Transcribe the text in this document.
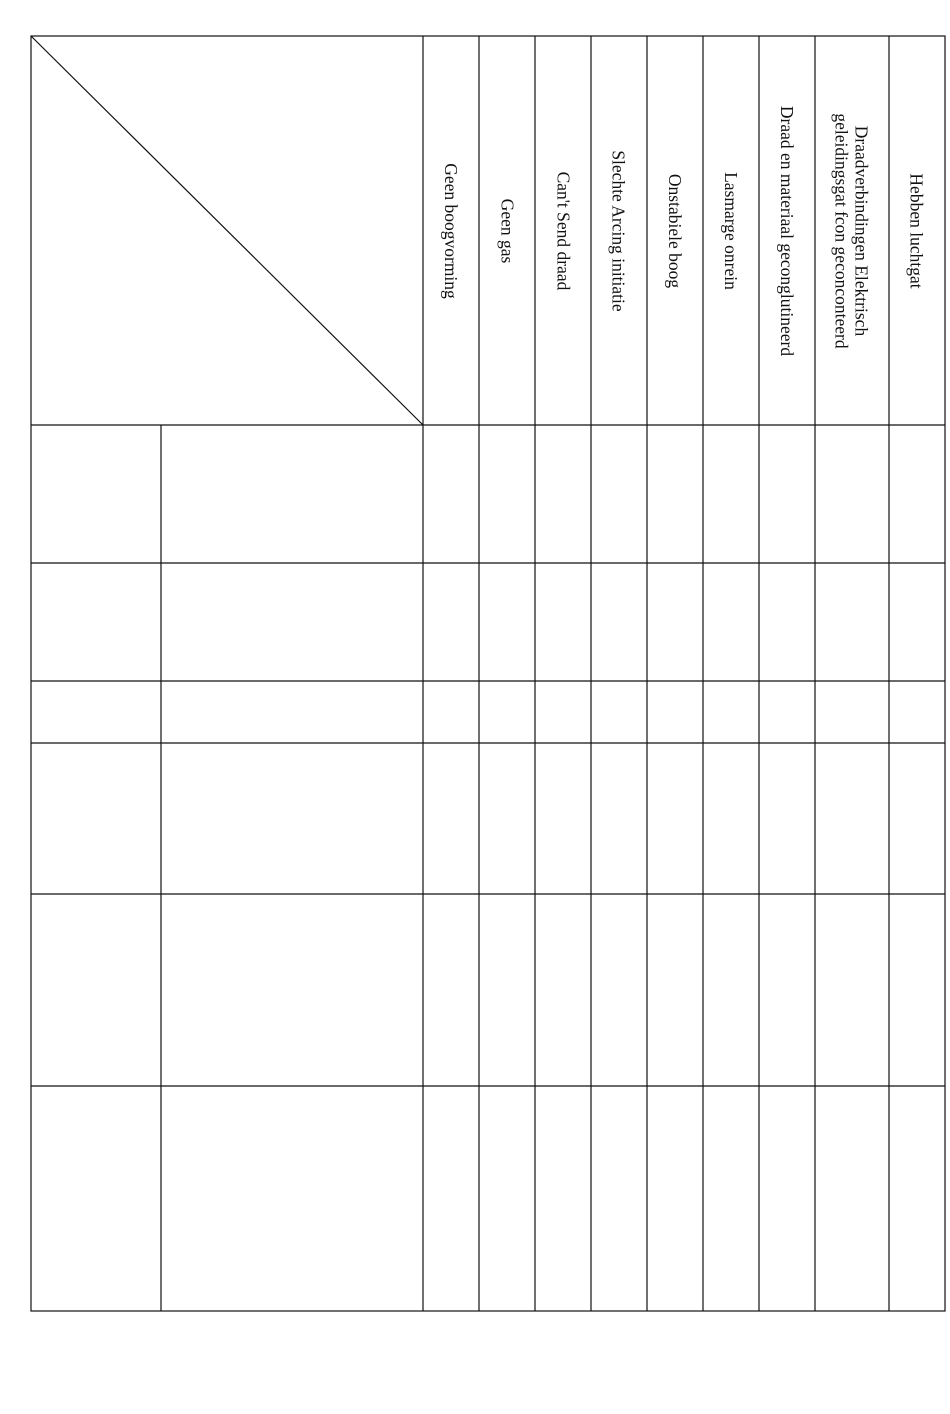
Hebben luchtgat
Draadverbindingen Elektrisch
geleidingsgat fcon geconconteerd
Draad en materiaal geconglutineerd
Lasmarge onrein
Onstabiele boog
Slechte Arcing initiatie
Can't Send draad
Geen gas
Geen boogvorming
